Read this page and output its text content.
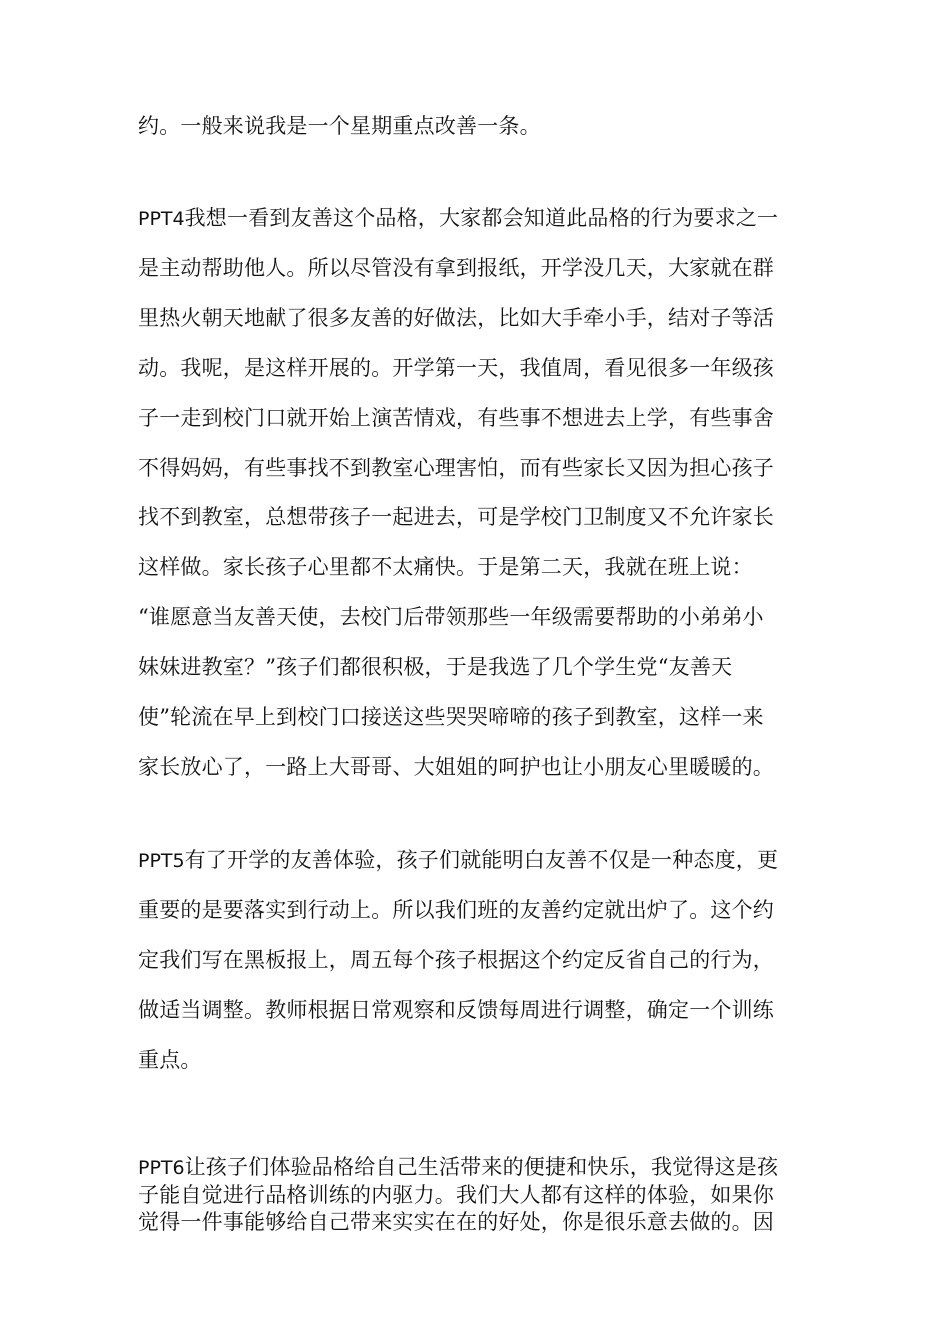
约。一般来说我是一个星期重点改善一条。
PPT4我想一看到友善这个品格，大家都会知道此品格的行为要求之一
是主动帮助他人。所以尽管没有拿到报纸，开学没几天，大家就在群
里热火朝天地献了很多友善的好做法，比如大手牵小手，结对子等活
动。我呢，是这样开展的。开学第一天，我值周，看见很多一年级孩
子一走到校门口就开始上演苦情戏，有些事不想进去上学，有些事舍
不得妈妈，有些事找不到教室心理害怕，而有些家长又因为担心孩子
找不到教室，总想带孩子一起进去，可是学校门卫制度又不允许家长
这样做。家长孩子心里都不太痛快。于是第二天，我就在班上说：
“谁愿意当友善天使，去校门后带领那些一年级需要帮助的小弟弟小
妹妹进教室？”孩子们都很积极，于是我选了几个学生党“友善天
使”轮流在早上到校门口接送这些哭哭啼啼的孩子到教室，这样一来
家长放心了，一路上大哥哥、大姐姐的呵护也让小朋友心里暖暖的。
PPT5有了开学的友善体验，孩子们就能明白友善不仅是一种态度，更
重要的是要落实到行动上。所以我们班的友善约定就出炉了。这个约
定我们写在黑板报上，周五每个孩子根据这个约定反省自己的行为，
做适当调整。教师根据日常观察和反馈每周进行调整，确定一个训练
重点。
PPT6让孩子们体验品格给自己生活带来的便捷和快乐，我觉得这是孩
子能自觉进行品格训练的内驱力。我们大人都有这样的体验，如果你
觉得一件事能够给自己带来实实在在的好处，你是很乐意去做的。因
